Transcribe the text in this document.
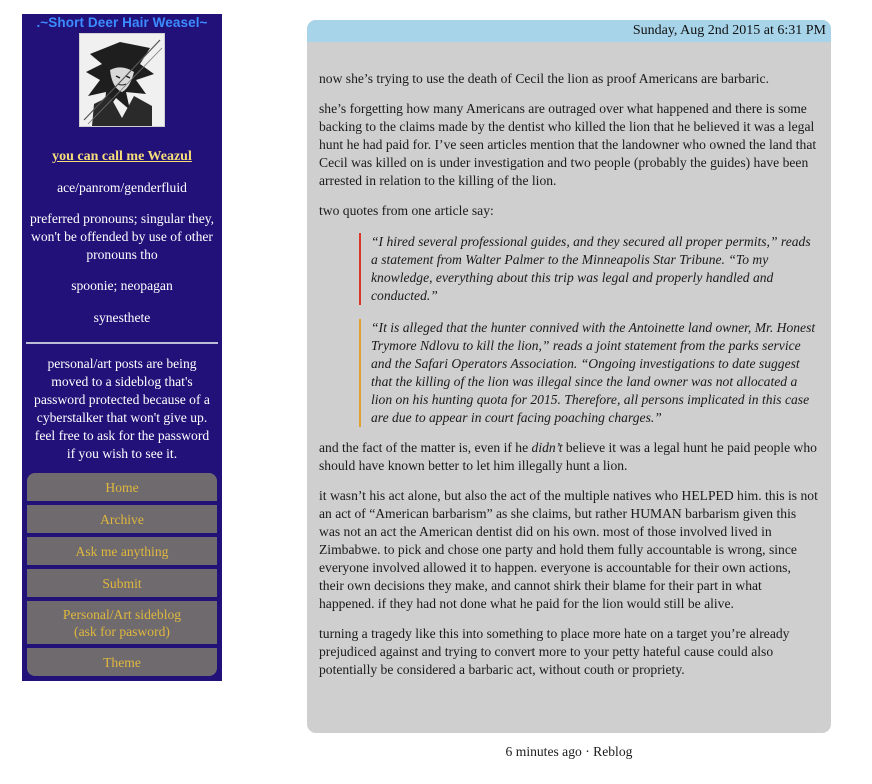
.~Short Deer Hair Weasel~
you can call me Weazul
ace/panrom/genderfluid
preferred pronouns; singular they, won't be offended by use of other pronouns tho
spoonie; neopagan
synesthete
personal/art posts are being moved to a sideblog that's password protected because of a cyberstalker that won't give up. feel free to ask for the password if you wish to see it.
Home
Archive
Ask me anything
Submit
Personal/Art sideblog
(ask for pasword)
Theme
Sunday, Aug 2nd 2015 at 6:31 PM

now she’s trying to use the death of Cecil the lion as proof Americans are barbaric.

she’s forgetting how many Americans are outraged over what happened and there is some backing to the claims made by the dentist who killed the lion that he believed it was a legal hunt he had paid for. I’ve seen articles mention that the landowner who owned the land that Cecil was killed on is under investigation and two people (probably the guides) have been arrested in relation to the killing of the lion.

two quotes from one article say:

“I hired several professional guides, and they secured all proper permits,” reads a statement from Walter Palmer to the Minneapolis Star Tribune. “To my knowledge, everything about this trip was legal and properly handled and conducted.”
“It is alleged that the hunter connived with the Antoinette land owner, Mr. Honest Trymore Ndlovu to kill the lion,” reads a joint statement from the parks service and the Safari Operators Association. “Ongoing investigations to date suggest that the killing of the lion was illegal since the land owner was not allocated a lion on his hunting quota for 2015. Therefore, all persons implicated in this case are due to appear in court facing poaching charges.”

and the fact of the matter is, even if he didn’t believe it was a legal hunt he paid people who should have known better to let him illegally hunt a lion.

it wasn’t his act alone, but also the act of the multiple natives who HELPED him. this is not an act of “American barbarism” as she claims, but rather HUMAN barbarism given this was not an act the American dentist did on his own. most of those involved lived in Zimbabwe. to pick and chose one party and hold them fully accountable is wrong, since everyone involved allowed it to happen. everyone is accountable for their own actions, their own decisions they make, and cannot shirk their blame for their part in what happened. if they had not done what he paid for the lion would still be alive.

turning a tragedy like this into something to place more hate on a target you’re already prejudiced against and trying to convert more to your petty hateful cause could also potentially be considered a barbaric act, without couth or propriety.

6 minutes ago · Reblog
